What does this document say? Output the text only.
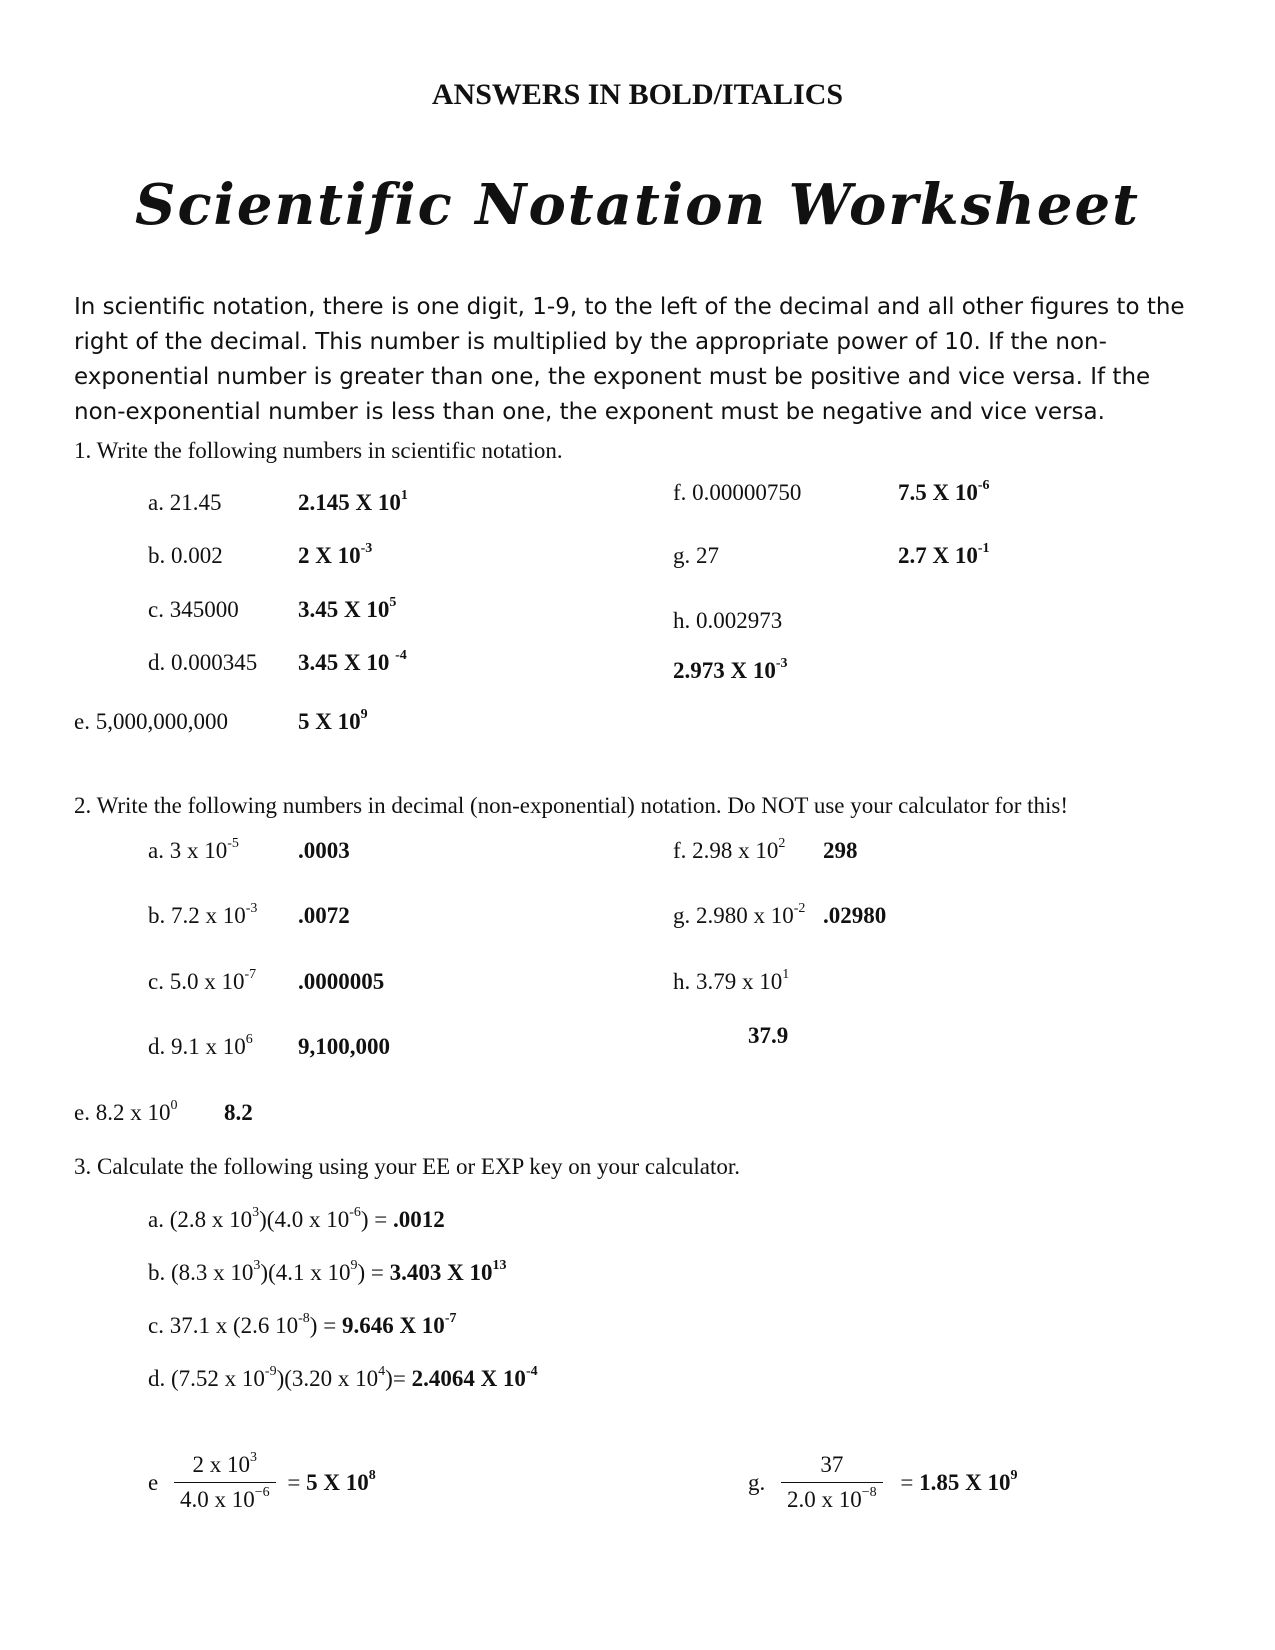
ANSWERS IN BOLD/ITALICS
Scientific Notation Worksheet
In scientific notation, there is one digit, 1-9, to the left of the decimal and all other figures to the right of the decimal. This number is multiplied by the appropriate power of 10. If the non-exponential number is greater than one, the exponent must be positive and vice versa. If the non-exponential number is less than one, the exponent must be negative and vice versa.
1. Write the following numbers in scientific notation.
a. 21.45	2.145 X $10^1$
b. 0.002	2 X $10^{-3}$
c. 345000	3.45 X $10^5$
d. 0.000345 3.45 X 10 $^{-4}$
e. 5,000,000,000	5 X $10^9$
f. 0.00000750	7.5 X $10^{-6}$
g. 27	2.7 X $10^{-1}$
h. 0.002973
2.973 X $10^{-3}$
2. Write the following numbers in decimal (non-exponential) notation. Do NOT use your calculator for this!
a. 3 x $10^{-5}$	.0003
b. 7.2 x $10^{-3}$ .0072
c. 5.0 x $10^{-7}$ .0000005
d. 9.1 x $10^6$ 9,100,000
e. 8.2 x $10^0$ 8.2
f. 2.98 x $10^2$ 298
g. 2.980 x $10^{-2}$ .02980
h. 3.79 x $10^1$
37.9
3. Calculate the following using your EE or EXP key on your calculator.
a. (2.8 x $10^3)(4.0$ x $10^{-6}) = .0012$
b. (8.3 x $10^3)(4.1$ x $10^9) = 3.403$ X $10^{13}$
c. 37.1 x (2.6 $10^{-8}) = 9.646$ X $10^{-7}$
d. (7.52 x $10^{-9})(3.20$ x $10^4)= 2.4064$ X $10^{-4}$
e $\frac{2 x 10^3}{4.0 x 10^{-6}} = 5$ X $10^8$	g. $\frac{37}{2.0 x 10^{-8}} = 1.85$ X $10^9$
